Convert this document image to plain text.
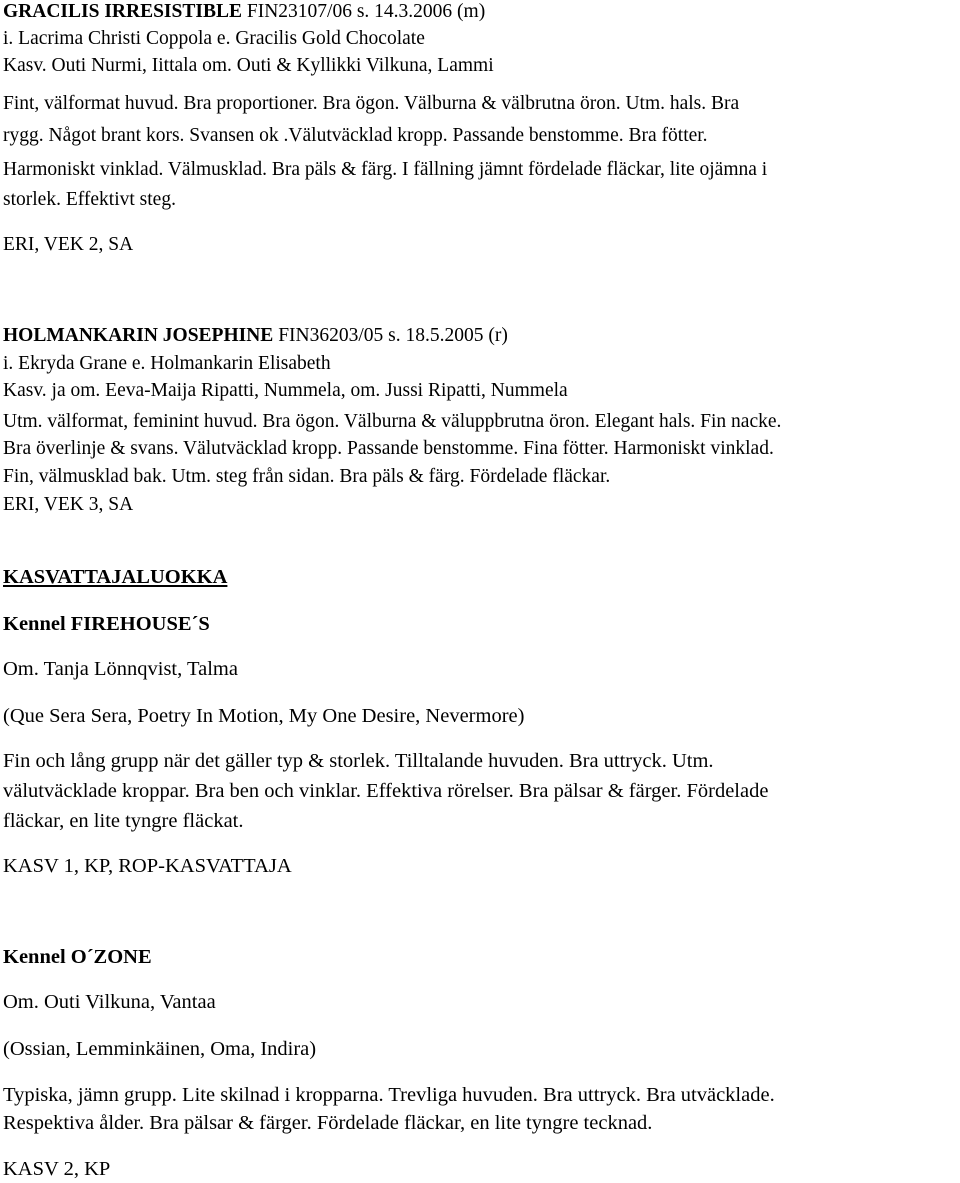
GRACILIS IRRESISTIBLE FIN23107/06 s. 14.3.2006 (m)
i. Lacrima Christi Coppola e. Gracilis Gold Chocolate
Kasv. Outi Nurmi, Iittala om. Outi & Kyllikki Vilkuna, Lammi
Fint, välformat huvud. Bra proportioner. Bra ögon. Välburna & välbrutna öron. Utm. hals. Bra
rygg. Något brant kors. Svansen ok .Välutväcklad kropp. Passande benstomme. Bra fötter.
Harmoniskt vinklad. Välmusklad. Bra päls & färg. I fällning jämnt fördelade fläckar, lite ojämna i
storlek. Effektivt steg.
ERI, VEK 2, SA
HOLMANKARIN JOSEPHINE FIN36203/05 s. 18.5.2005 (r)
i. Ekryda Grane e. Holmankarin Elisabeth
Kasv. ja om. Eeva-Maija Ripatti, Nummela, om. Jussi Ripatti, Nummela
Utm. välformat, feminint huvud. Bra ögon. Välburna & väluppbrutna öron. Elegant hals. Fin nacke.
Bra överlinje & svans. Välutväcklad kropp. Passande benstomme. Fina fötter. Harmoniskt vinklad.
Fin, välmusklad bak. Utm. steg från sidan. Bra päls & färg. Fördelade fläckar.
ERI, VEK 3, SA
KASVATTAJALUOKKA
Kennel FIREHOUSE´S
Om. Tanja Lönnqvist, Talma
(Que Sera Sera, Poetry In Motion, My One Desire, Nevermore)
Fin och lång grupp när det gäller typ & storlek. Tilltalande huvuden. Bra uttryck. Utm.
välutväcklade kroppar. Bra ben och vinklar. Effektiva rörelser. Bra pälsar & färger. Fördelade
fläckar, en lite tyngre fläckat.
KASV 1, KP, ROP-KASVATTAJA
Kennel O´ZONE
Om. Outi Vilkuna, Vantaa
(Ossian, Lemminkäinen, Oma, Indira)
Typiska, jämn grupp. Lite skilnad i kropparna. Trevliga huvuden. Bra uttryck. Bra utväcklade.
Respektiva ålder. Bra pälsar & färger. Fördelade fläckar, en lite tyngre tecknad.
KASV 2, KP
